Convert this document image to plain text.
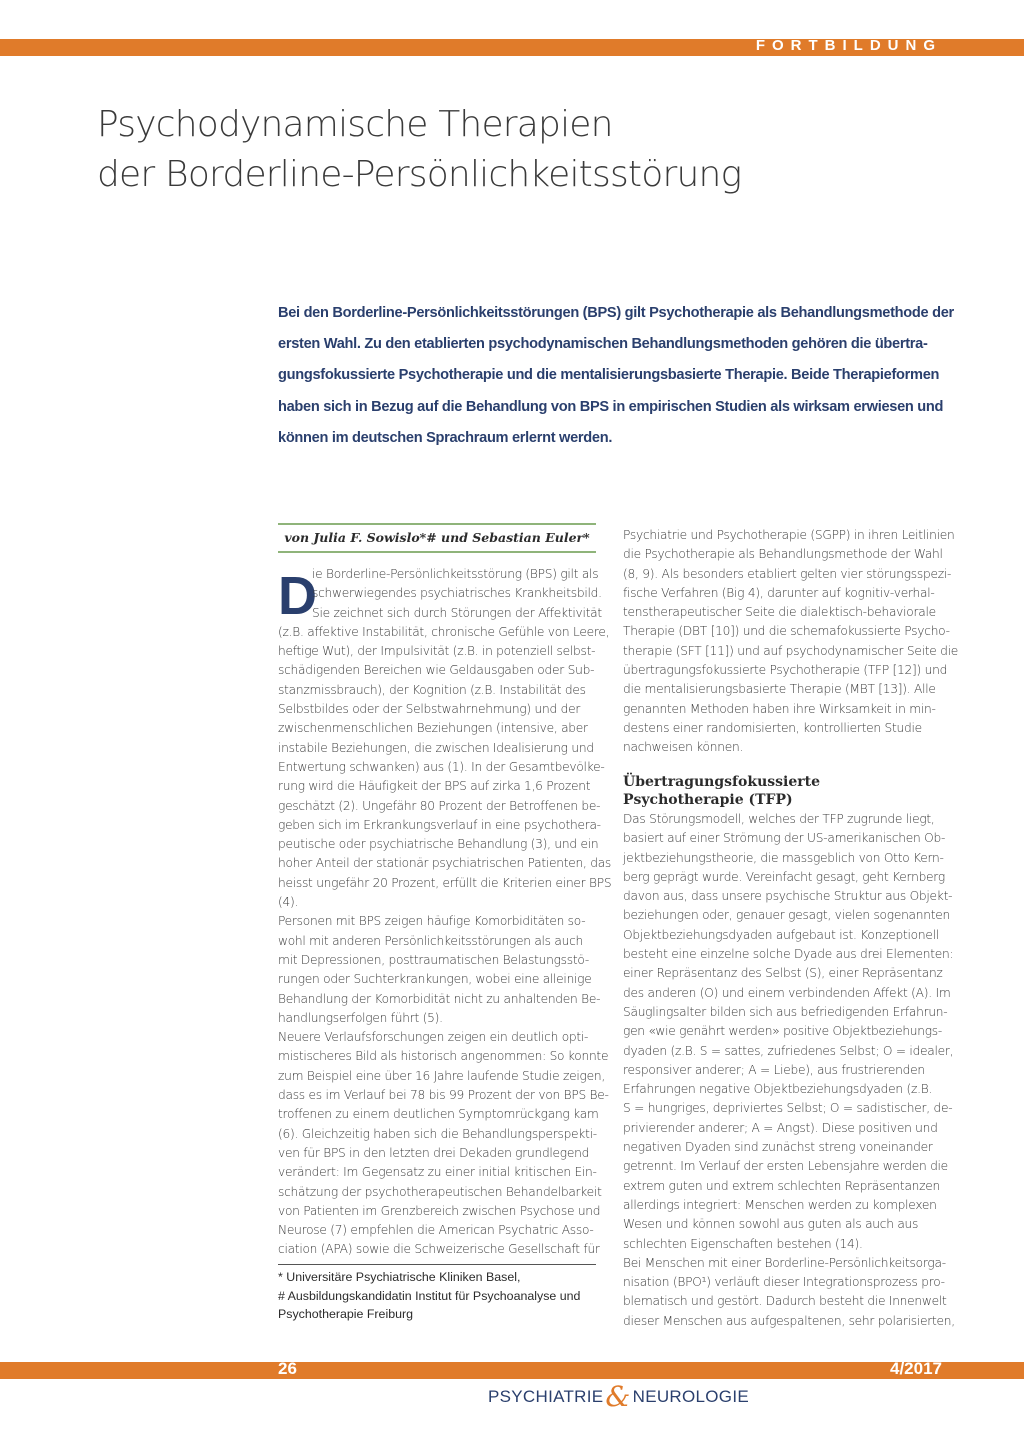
FORTBILDUNG
Psychodynamische Therapien
der Borderline-Persönlichkeitsstörung
Bei den Borderline-Persönlichkeitsstörungen (BPS) gilt Psychotherapie als Behandlungsmethode der
ersten Wahl. Zu den etablierten psychodynamischen Behandlungsmethoden gehören die übertra-
gungsfokussierte Psychotherapie und die mentalisierungsbasierte Therapie. Beide Therapieformen
haben sich in Bezug auf die Behandlung von BPS in empirischen Studien als wirksam erwiesen und
können im deutschen Sprachraum erlernt werden.
von Julia F. Sowislo*# und Sebastian Euler*
D
ie Borderline-Persönlichkeitsstörung (BPS) gilt als
schwerwiegendes psychiatrisches Krankheitsbild.
Sie zeichnet sich durch Störungen der Affektivität
(z.B. affektive Instabilität, chronische Gefühle von Leere,
heftige Wut), der Impulsivität (z.B. in potenziell selbst-
schädigenden Bereichen wie Geldausgaben oder Sub-
stanzmissbrauch), der Kognition (z.B. Instabilität des
Selbstbildes oder der Selbstwahrnehmung) und der
zwischenmenschlichen Beziehungen (intensive, aber
instabile Beziehungen, die zwischen Idealisierung und
Entwertung schwanken) aus (1). In der Gesamtbevölke-
rung wird die Häufigkeit der BPS auf zirka 1,6 Prozent
geschätzt (2). Ungefähr 80 Prozent der Betroffenen be-
geben sich im Erkrankungsverlauf in eine psychothera-
peutische oder psychiatrische Behandlung (3), und ein
hoher Anteil der stationär psychiatrischen Patienten, das
heisst ungefähr 20 Prozent, erfüllt die Kriterien einer BPS
(4).
Personen mit BPS zeigen häufige Komorbiditäten so-
wohl mit anderen Persönlichkeitsstörungen als auch
mit Depressionen, posttraumatischen Belastungsstö-
rungen oder Suchterkrankungen, wobei eine alleinige
Behandlung der Komorbidität nicht zu anhaltenden Be-
handlungserfolgen führt (5).
Neuere Verlaufsforschungen zeigen ein deutlich opti-
mistischeres Bild als historisch angenommen: So konnte
zum Beispiel eine über 16 Jahre laufende Studie zeigen,
dass es im Verlauf bei 78 bis 99 Prozent der von BPS Be-
troffenen zu einem deutlichen Symptomrückgang kam
(6). Gleichzeitig haben sich die Behandlungsperspekti-
ven für BPS in den letzten drei Dekaden grundlegend
verändert: Im Gegensatz zu einer initial kritischen Ein-
schätzung der psychotherapeutischen Behandelbarkeit
von Patienten im Grenzbereich zwischen Psychose und
Neurose (7) empfehlen die American Psychatric Asso-
ciation (APA) sowie die Schweizerische Gesellschaft für
* Universitäre Psychiatrische Kliniken Basel,
# Ausbildungskandidatin Institut für Psychoanalyse und
Psychotherapie Freiburg
Psychiatrie und Psychotherapie (SGPP) in ihren Leitlinien
die Psychotherapie als Behandlungsmethode der Wahl
(8, 9). Als besonders etabliert gelten vier störungsspezi-
fische Verfahren (Big 4), darunter auf kognitiv-verhal-
tenstherapeutischer Seite die dialektisch-behaviorale
Therapie (DBT [10]) und die schemafokussierte Psycho-
therapie (SFT [11]) und auf psychodynamischer Seite die
übertragungsfokussierte Psychotherapie (TFP [12]) und
die mentalisierungsbasierte Therapie (MBT [13]). Alle
genannten Methoden haben ihre Wirksamkeit in min-
destens einer randomisierten, kontrollierten Studie
nachweisen können.
Übertragungsfokussierte
Psychotherapie (TFP)
Das Störungsmodell, welches der TFP zugrunde liegt,
basiert auf einer Strömung der US-amerikanischen Ob-
jektbeziehungstheorie, die massgeblich von Otto Kern-
berg geprägt wurde. Vereinfacht gesagt, geht Kernberg
davon aus, dass unsere psychische Struktur aus Objekt-
beziehungen oder, genauer gesagt, vielen sogenannten
Objektbeziehungsdyaden aufgebaut ist. Konzeptionell
besteht eine einzelne solche Dyade aus drei Elementen:
einer Repräsentanz des Selbst (S), einer Repräsentanz
des anderen (O) und einem verbindenden Affekt (A). Im
Säuglingsalter bilden sich aus befriedigenden Erfahrun-
gen «wie genährt werden» positive Objektbeziehungs-
dyaden (z.B. S = sattes, zufriedenes Selbst; O = idealer,
responsiver anderer; A = Liebe), aus frustrierenden
Erfahrungen negative Objektbeziehungsdyaden (z.B.
S = hungriges, depriviertes Selbst; O = sadistischer, de-
privierender anderer; A = Angst). Diese positiven und
negativen Dyaden sind zunächst streng voneinander
getrennt. Im Verlauf der ersten Lebensjahre werden die
extrem guten und extrem schlechten Repräsentanzen
allerdings integriert: Menschen werden zu komplexen
Wesen und können sowohl aus guten als auch aus
schlechten Eigenschaften bestehen (14).
Bei Menschen mit einer Borderline-Persönlichkeitsorga-
nisation (BPO¹) verläuft dieser Integrationsprozess pro-
blematisch und gestört. Dadurch besteht die Innenwelt
dieser Menschen aus aufgespaltenen, sehr polarisierten,
26	4/2017
PSYCHIATRIE& NEUROLOGIE
